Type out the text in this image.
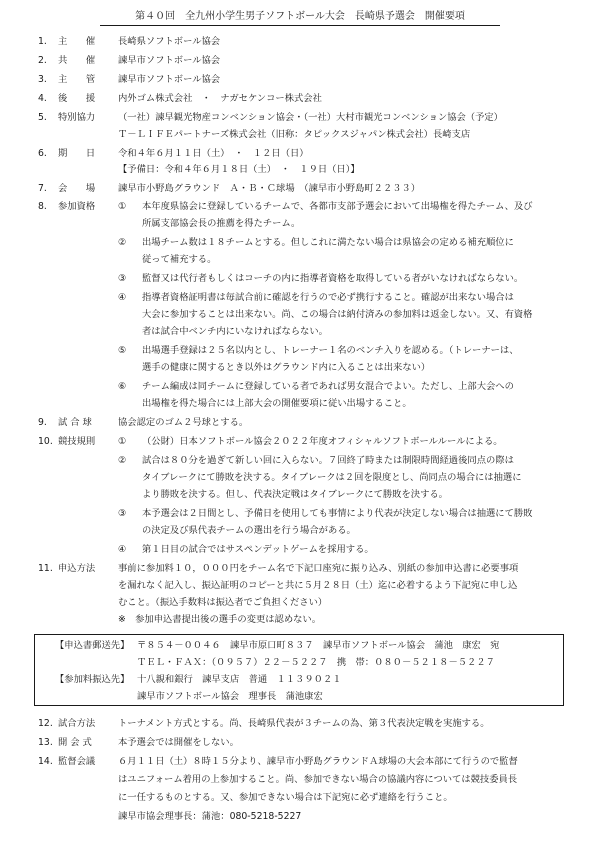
第４０回　全九州小学生男子ソフトボール大会　長崎県予選会　開催要項
1.	主　　催 長崎県ソフトボール協会
2.	共　　催 諫早市ソフトボール協会
3.	主　　管 諫早市ソフトボール協会
4.	後　　援 内外ゴム株式会社　・　ナガセケンコー株式会社
5.	特別協力 （一社）諫早観光物産コンベンション協会・（一社）大村市観光コンベンション協会（予定）
Ｔ－ＬＩＦＥパートナーズ株式会社（旧称：タピックスジャパン株式会社）長崎支店
6.	期　　日 令和４年６月１１日（土）　・　１２日（日）
【予備日：令和４年６月１８日（土）　・　１９日（日）】
7.	会　　場 諫早市小野島グラウンド　Ａ・Ｂ・Ｃ球場　（諫早市小野島町２２３３）
8.	参加資格 ①	本年度県協会に登録しているチームで、各都市支部予選会において出場権を得たチーム、及び
所属支部協会長の推薦を得たチーム。
②	出場チーム数は１８チームとする。但しこれに満たない場合は県協会の定める補充順位に
従って補充する。
③	監督又は代行者もしくはコーチの内に指導者資格を取得している者がいなければならない。
④	指導者資格証明書は毎試合前に確認を行うので必ず携行すること。確認が出来ない場合は
大会に参加することは出来ない。尚、この場合は納付済みの参加料は返金しない。又、有資格
者は試合中ベンチ内にいなければならない。
⑤	出場選手登録は２５名以内とし、トレーナー１名のベンチ入りを認める。（トレーナーは、
選手の健康に関するとき以外はグラウンド内に入ることは出来ない）
⑥	チーム編成は同チームに登録している者であれば男女混合でよい。ただし、上部大会への
出場権を得た場合には上部大会の開催要項に従い出場すること。
9.	試 合 球	協会認定のゴム２号球とする。
10. 競技規則 ①	（公財）日本ソフトボール協会２０２２年度オフィシャルソフトボールルールによる。
②	試合は８０分を過ぎて新しい回に入らない。７回終了時または制限時間経過後同点の際は
タイブレークにて勝敗を決する。タイブレークは２回を限度とし、尚同点の場合には抽選に
より勝敗を決する。但し、代表決定戦はタイブレークにて勝敗を決する。
③	本予選会は２日間とし、予備日を使用しても事情により代表が決定しない場合は抽選にて勝敗
の決定及び県代表チームの選出を行う場合がある。
④	第１日目の試合ではサスペンデットゲームを採用する。
11. 申込方法 事前に参加料１０，０００円をチーム名で下記口座宛に振り込み、別紙の参加申込書に必要事項
を漏れなく記入し、振込証明のコピーと共に５月２８日（土）迄に必着するよう下記宛に申し込
むこと。（振込手数料は振込者でご負担ください）
※　参加申込書提出後の選手の変更は認めない。
【申込書郵送先】 〒８５４－００４６　諫早市原口町８３７　諫早市ソフトボール協会　蒲池　康宏　宛
ＴＥＬ・ＦＡＸ：（０９５７）２２－５２２７　携　帯：０８０－５２１８－５２２７
【参加料振込先】 十八親和銀行　諫早支店　普通　１１３９０２１
諫早市ソフトボール協会　理事長　蒲池康宏
12. 試合方法 トーナメント方式とする。尚、長崎県代表が３チームの為、第３代表決定戦を実施する。
13. 開 会 式	本予選会では開催をしない。
14. 監督会議 ６月１１日（土）８時１５分より、諫早市小野島グラウンドＡ球場の大会本部にて行うので監督
はユニフォーム着用の上参加すること。尚、参加できない場合の協議内容については競技委員長
に一任するものとする。又、参加できない場合は下記宛に必ず連絡を行うこと。
諫早市協会理事長：蒲池：080-5218-5227
